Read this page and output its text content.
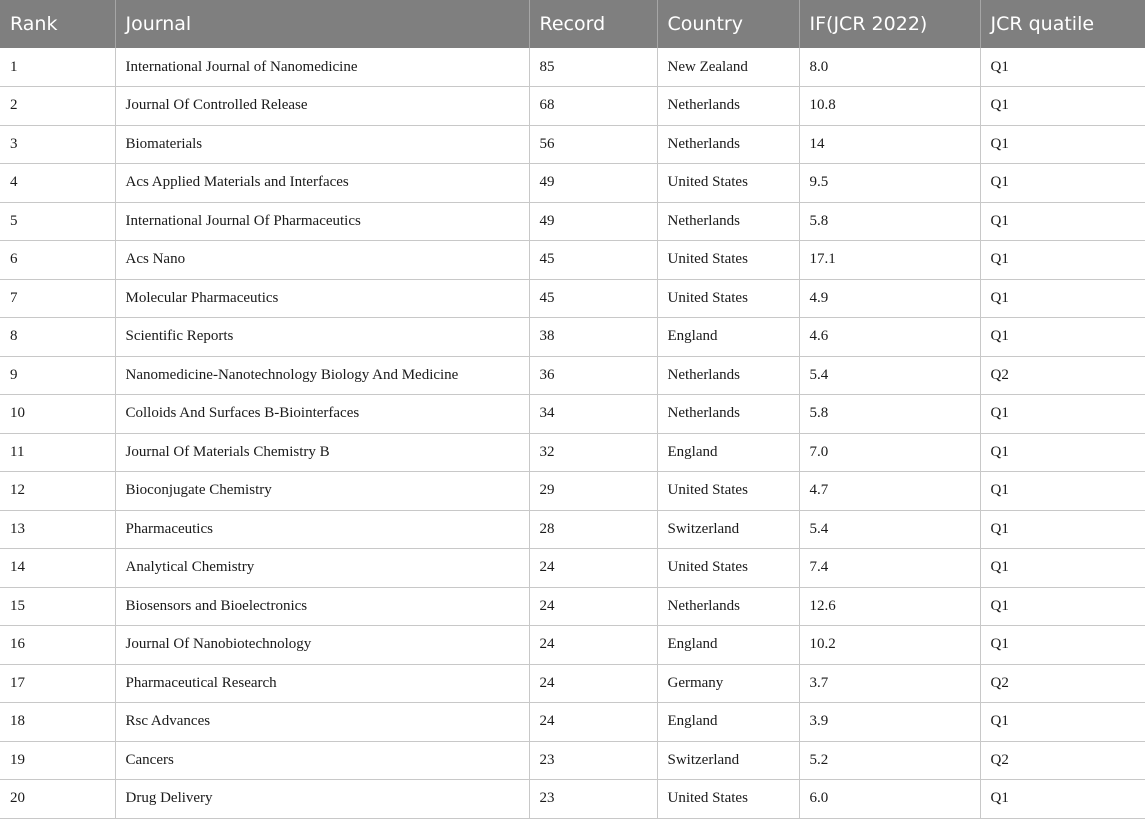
Rank	Journal	Record	Country	IF(JCR 2022)	JCR quatile
1	International Journal of Nanomedicine	85	New Zealand	8.0	Q1
2	Journal Of Controlled Release	68	Netherlands	10.8	Q1
3	Biomaterials	56	Netherlands	14	Q1
4	Acs Applied Materials and Interfaces	49	United States	9.5	Q1
5	International Journal Of Pharmaceutics	49	Netherlands	5.8	Q1
6	Acs Nano	45	United States	17.1	Q1
7	Molecular Pharmaceutics	45	United States	4.9	Q1
8	Scientific Reports	38	England	4.6	Q1
9	Nanomedicine-Nanotechnology Biology And Medicine	36	Netherlands	5.4	Q2
10	Colloids And Surfaces B-Biointerfaces	34	Netherlands	5.8	Q1
11	Journal Of Materials Chemistry B	32	England	7.0	Q1
12	Bioconjugate Chemistry	29	United States	4.7	Q1
13	Pharmaceutics	28	Switzerland	5.4	Q1
14	Analytical Chemistry	24	United States	7.4	Q1
15	Biosensors and Bioelectronics	24	Netherlands	12.6	Q1
16	Journal Of Nanobiotechnology	24	England	10.2	Q1
17	Pharmaceutical Research	24	Germany	3.7	Q2
18	Rsc Advances	24	England	3.9	Q1
19	Cancers	23	Switzerland	5.2	Q2
20	Drug Delivery	23	United States	6.0	Q1
